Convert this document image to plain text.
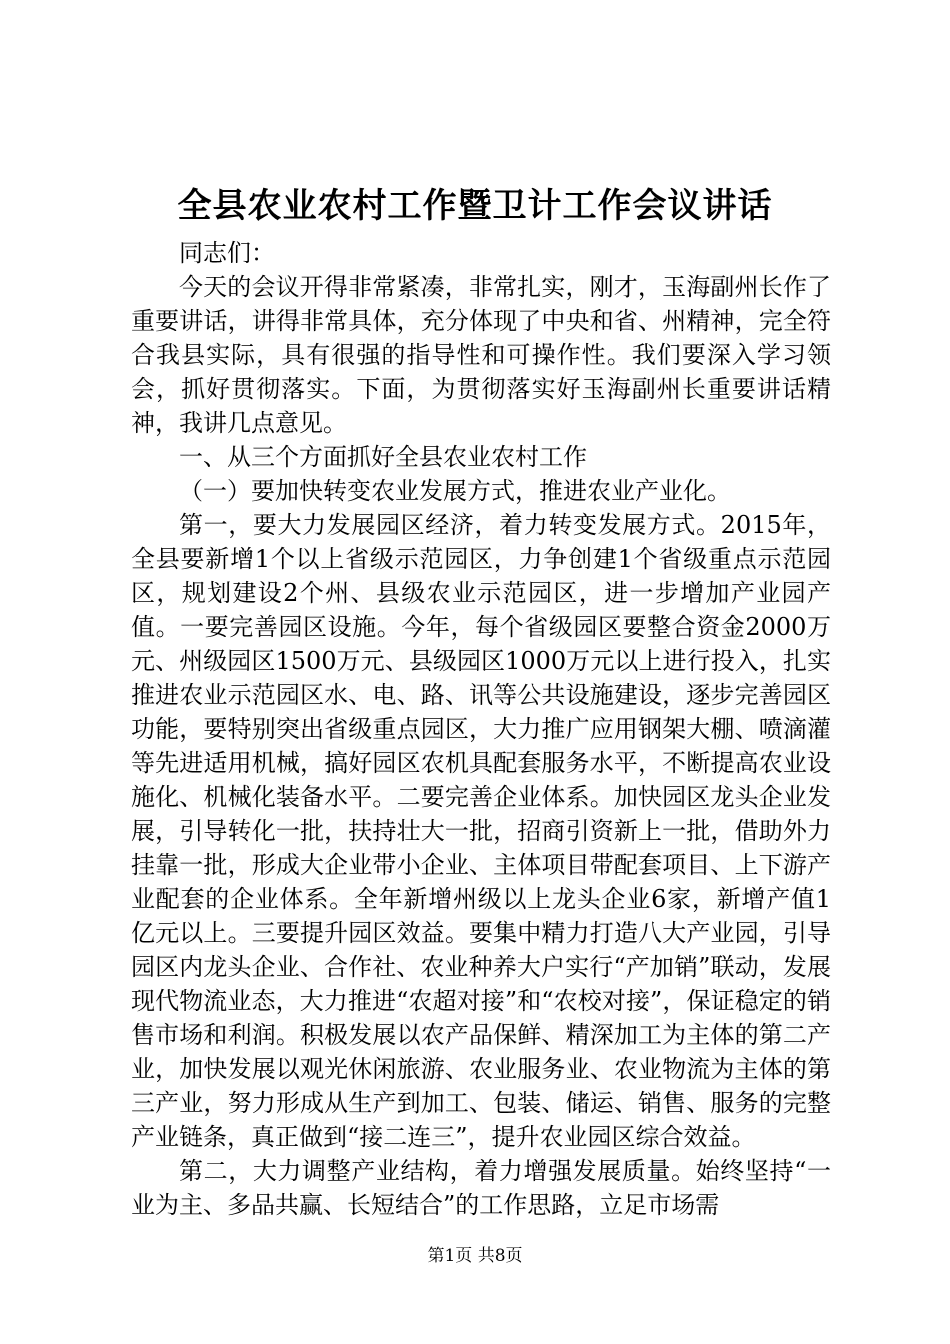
全县农业农村工作暨卫计工作会议讲话

同志们：

今天的会议开得非常紧凑，非常扎实，刚才，玉海副州长作了重要讲话，讲得非常具体，充分体现了中央和省、州精神，完全符合我县实际，具有很强的指导性和可操作性。我们要深入学习领会，抓好贯彻落实。下面，为贯彻落实好玉海副州长重要讲话精神，我讲几点意见。

一、从三个方面抓好全县农业农村工作

（一）要加快转变农业发展方式，推进农业产业化。

第一，要大力发展园区经济，着力转变发展方式。2015年，全县要新增1个以上省级示范园区，力争创建1个省级重点示范园区，规划建设2个州、县级农业示范园区，进一步增加产业园产值。一要完善园区设施。今年，每个省级园区要整合资金2000万元、州级园区1500万元、县级园区1000万元以上进行投入，扎实推进农业示范园区水、电、路、讯等公共设施建设，逐步完善园区功能，要特别突出省级重点园区，大力推广应用钢架大棚、喷滴灌等先进适用机械，搞好园区农机具配套服务水平，不断提高农业设施化、机械化装备水平。二要完善企业体系。加快园区龙头企业发展，引导转化一批，扶持壮大一批，招商引资新上一批，借助外力挂靠一批，形成大企业带小企业、主体项目带配套项目、上下游产业配套的企业体系。全年新增州级以上龙头企业6家，新增产值1亿元以上。三要提升园区效益。要集中精力打造八大产业园，引导园区内龙头企业、合作社、农业种养大户实行“产加销”联动，发展现代物流业态，大力推进“农超对接”和“农校对接”，保证稳定的销售市场和利润。积极发展以农产品保鲜、精深加工为主体的第二产业，加快发展以观光休闲旅游、农业服务业、农业物流为主体的第三产业，努力形成从生产到加工、包装、储运、销售、服务的完整产业链条，真正做到“接二连三”，提升农业园区综合效益。

第二，大力调整产业结构，着力增强发展质量。始终坚持“一业为主、多品共赢、长短结合”的工作思路，立足市场需

第1页 共8页
